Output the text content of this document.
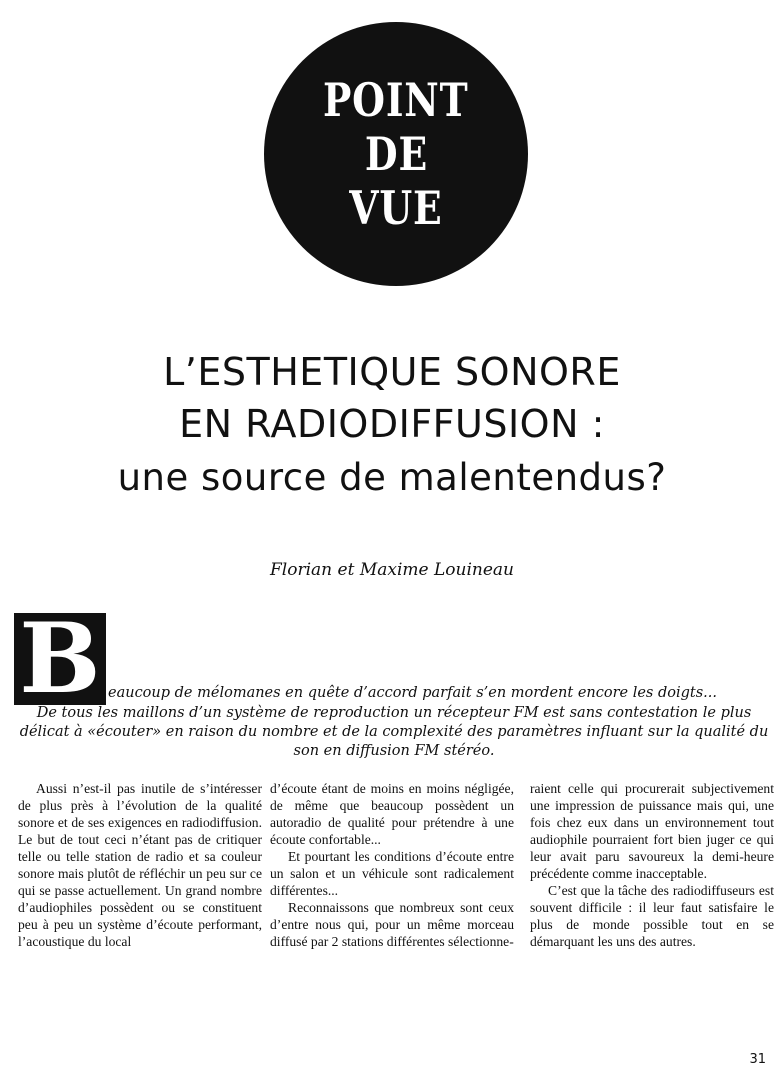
POINT
DE
VUE
L’ESTHETIQUE SONORE
EN RADIODIFFUSION :
une source de malentendus?
Florian et Maxime Louineau
B eaucoup de mélomanes en quête d’accord parfait s’en mordent encore les doigts...
De tous les maillons d’un système de reproduction un récepteur FM est sans contestation le plus délicat à «écouter» en raison du nombre et de la complexité des paramètres influant sur la qualité du son en diffusion FM stéréo.

Aussi n’est-il pas inutile de s’intéresser de plus près à l’évolution de la qualité sonore et de ses exigences en radiodiffusion. Le but de tout ceci n’étant pas de critiquer telle ou telle station de radio et sa couleur sonore mais plutôt de réfléchir un peu sur ce qui se passe actuellement. Un grand nombre d’audiophiles possèdent ou se constituent peu à peu un système d’écoute performant, l’acoustique du local

d’écoute étant de moins en moins négligée, de même que beaucoup possèdent un autoradio de qualité pour prétendre à une écoute confortable...

Et pourtant les conditions d’écoute entre un salon et un véhicule sont radicalement différentes...

Reconnaissons que nombreux sont ceux d’entre nous qui, pour un même morceau diffusé par 2 stations différentes sélectionne-

raient celle qui procurerait subjectivement une impression de puissance mais qui, une fois chez eux dans un environnement tout audiophile pourraient fort bien juger ce qui leur avait paru savoureux la demi-heure précédente comme inacceptable.

C’est que la tâche des radiodiffuseurs est souvent difficile : il leur faut satisfaire le plus de monde possible tout en se démarquant les uns des autres.

31
